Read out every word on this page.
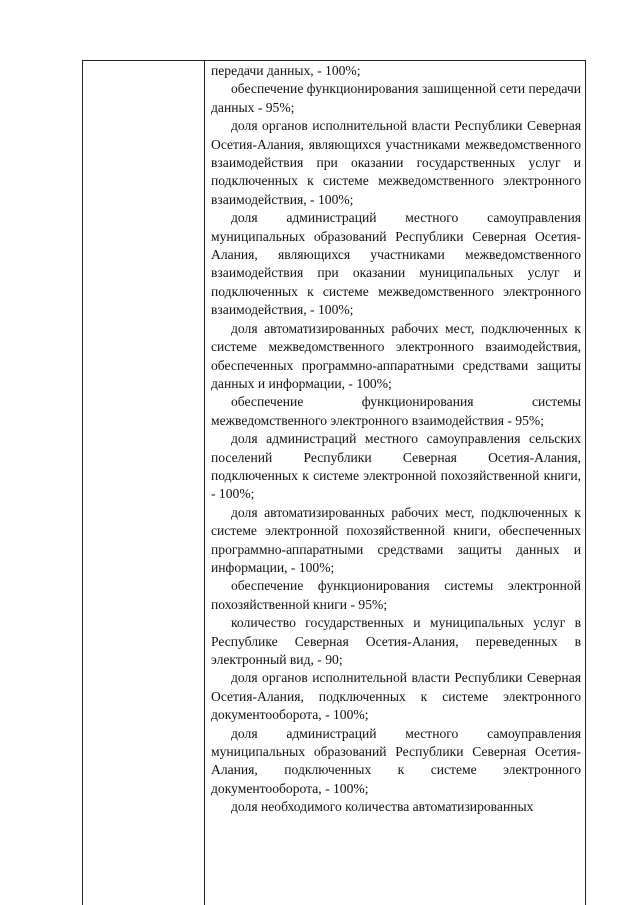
передачи данных, - 100%;

обеспечение функционирования зашищенной сети передачи данных - 95%;

доля органов исполнительной власти Республики Северная Осетия-Алания, являющихся участниками межведомственного взаимодействия при оказании государственных услуг и подключенных к системе межведомственного электронного взаимодействия, - 100%;

доля администраций местного самоуправления муниципальных образований Республики Северная Осетия-Алания, являющихся участниками межведомственного взаимодействия при оказании муниципальных услуг и подключенных к системе межведомственного электронного взаимодействия, - 100%;

доля автоматизированных рабочих мест, подключенных к системе межведомственного электронного взаимодействия, обеспеченных программно-аппаратными средствами защиты данных и информации, - 100%;

обеспечение функционирования системы межведомственного электронного взаимодействия - 95%;

доля администраций местного самоуправления сельских поселений Республики Северная Осетия-Алания, подключенных к системе электронной похозяйственной книги, - 100%;

доля автоматизированных рабочих мест, подключенных к системе электронной похозяйственной книги, обеспеченных программно-аппаратными средствами защиты данных и информации, - 100%;

обеспечение функционирования системы электронной похозяйственной книги - 95%;

количество государственных и муниципальных услуг в Республике Северная Осетия-Алания, переведенных в электронный вид, - 90;

доля органов исполнительной власти Республики Северная Осетия-Алания, подключенных к системе электронного документооборота, - 100%;

доля администраций местного самоуправления муниципальных образований Республики Северная Осетия-Алания, подключенных к системе электронного документооборота, - 100%;

доля необходимого количества автоматизированных
